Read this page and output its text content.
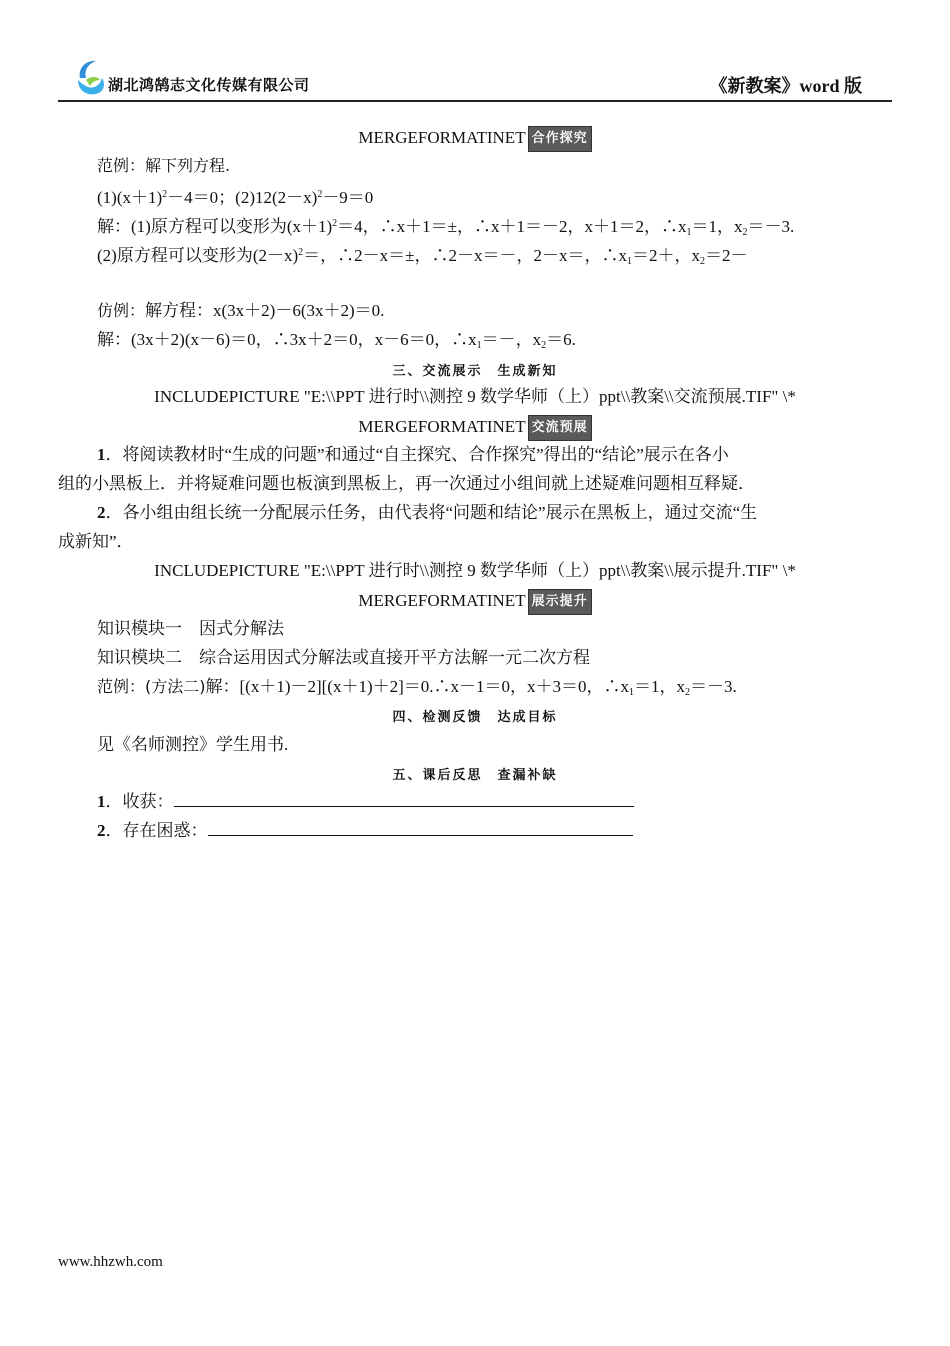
湖北鸿鹄志文化传媒有限公司	《新教案》word 版
MERGEFORMATINET 合作探究
范例：解下列方程.
$(1)(x+1)^2-4=0$；$(2)12(2-x)^2-9=0$
解：(1)原方程可以变形为$(x+1)^2=4$，∴x＋1＝±，∴x＋1＝－2，x＋1＝2，$\therefore x_1=1$，$x_2=-3$.
(2)原方程可以变形为$(2-x)^2=$，∴2－x＝±，∴2－x＝－，2－x＝，$\therefore x_1=2+$，$x_2=2-$
仿例：解方程：x(3x＋2)－6(3x＋2)＝0.
解：(3x＋2)(x－6)＝0，∴3x＋2＝0，x－6＝0，$\therefore x_1=-$，$x_2=6$.
三、交流展示　生成新知
INCLUDEPICTURE "E:\\PPT 进行时\\测控 9 数学华师（上）ppt\\教案\\交流预展.TIF" \*
MERGEFORMATINET 交流预展
1．将阅读教材时“生成的问题”和通过“自主探究、合作探究”得出的“结论”展示在各小
组的小黑板上．并将疑难问题也板演到黑板上，再一次通过小组间就上述疑难问题相互释疑．
2．各小组由组长统一分配展示任务，由代表将“问题和结论”展示在黑板上，通过交流“生
成新知”．
INCLUDEPICTURE "E:\\PPT 进行时\\测控 9 数学华师（上）ppt\\教案\\展示提升.TIF" \*
MERGEFORMATINET 展示提升
知识模块一　因式分解法
知识模块二　综合运用因式分解法或直接开平方法解一元二次方程
范例：(方法二)解：[(x＋1)－2][(x＋1)＋2]＝0.∴x－1＝0，x＋3＝0，$\therefore x_1=1$，$x_2=-3$.
四、检测反馈　达成目标
见《名师测控》学生用书.
五、课后反思　查漏补缺
1．收获：
2．存在困惑：
www.hhzwh.com
